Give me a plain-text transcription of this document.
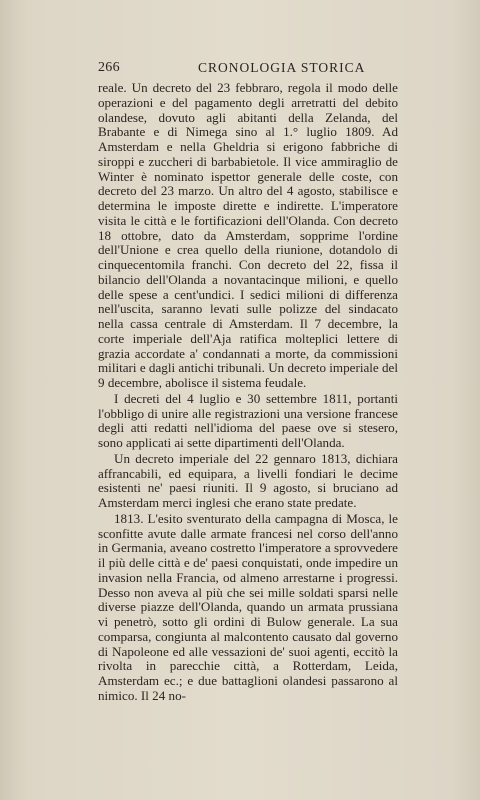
266	CRONOLOGIA STORICA

reale. Un decreto del 23 febbraro, regola il modo delle operazioni e del pagamento degli arretratti del debito olandese, dovuto agli abitanti della Zelanda, del Brabante e di Nimega sino al 1.° luglio 1809. Ad Amsterdam e nella Gheldria si erigono fabbriche di siroppi e zuccheri di barbabietole. Il vice ammiraglio de Winter è nominato ispettor generale delle coste, con decreto del 23 marzo. Un altro del 4 agosto, stabilisce e determina le imposte dirette e indirette. L'imperatore visita le città e le fortificazioni dell'Olanda. Con decreto 18 ottobre, dato da Amsterdam, sopprime l'ordine dell'Unione e crea quello della riunione, dotandolo di cinquecentomila franchi. Con decreto del 22, fissa il bilancio dell'Olanda a novantacinque milioni, e quello delle spese a cent'undici. I sedici milioni di differenza nell'uscita, saranno levati sulle polizze del sindacato nella cassa centrale di Amsterdam. Il 7 decembre, la corte imperiale dell'Aja ratifica molteplici lettere di grazia accordate a' condannati a morte, da commissioni militari e dagli antichi tribunali. Un decreto imperiale del 9 decembre, abolisce il sistema feudale.

I decreti del 4 luglio e 30 settembre 1811, portanti l'obbligo di unire alle registrazioni una versione francese degli atti redatti nell'idioma del paese ove si stesero, sono applicati ai sette dipartimenti dell'Olanda.

Un decreto imperiale del 22 gennaro 1813, dichiara affrancabili, ed equipara, a livelli fondiari le decime esistenti ne' paesi riuniti. Il 9 agosto, si bruciano ad Amsterdam merci inglesi che erano state predate.

1813. L'esito sventurato della campagna di Mosca, le sconfitte avute dalle armate francesi nel corso dell'anno in Germania, aveano costretto l'imperatore a sprovvedere il più delle città e de' paesi conquistati, onde impedire un invasion nella Francia, od almeno arrestarne i progressi. Desso non aveva al più che sei mille soldati sparsi nelle diverse piazze dell'Olanda, quando un armata prussiana vi penetrò, sotto gli ordini di Bulow generale. La sua comparsa, congiunta al malcontento causato dal governo di Napoleone ed alle vessazioni de' suoi agenti, eccitò la rivolta in parecchie città, a Rotterdam, Leida, Amsterdam ec.; e due battaglioni olandesi passarono al nimico. Il 24 no-
